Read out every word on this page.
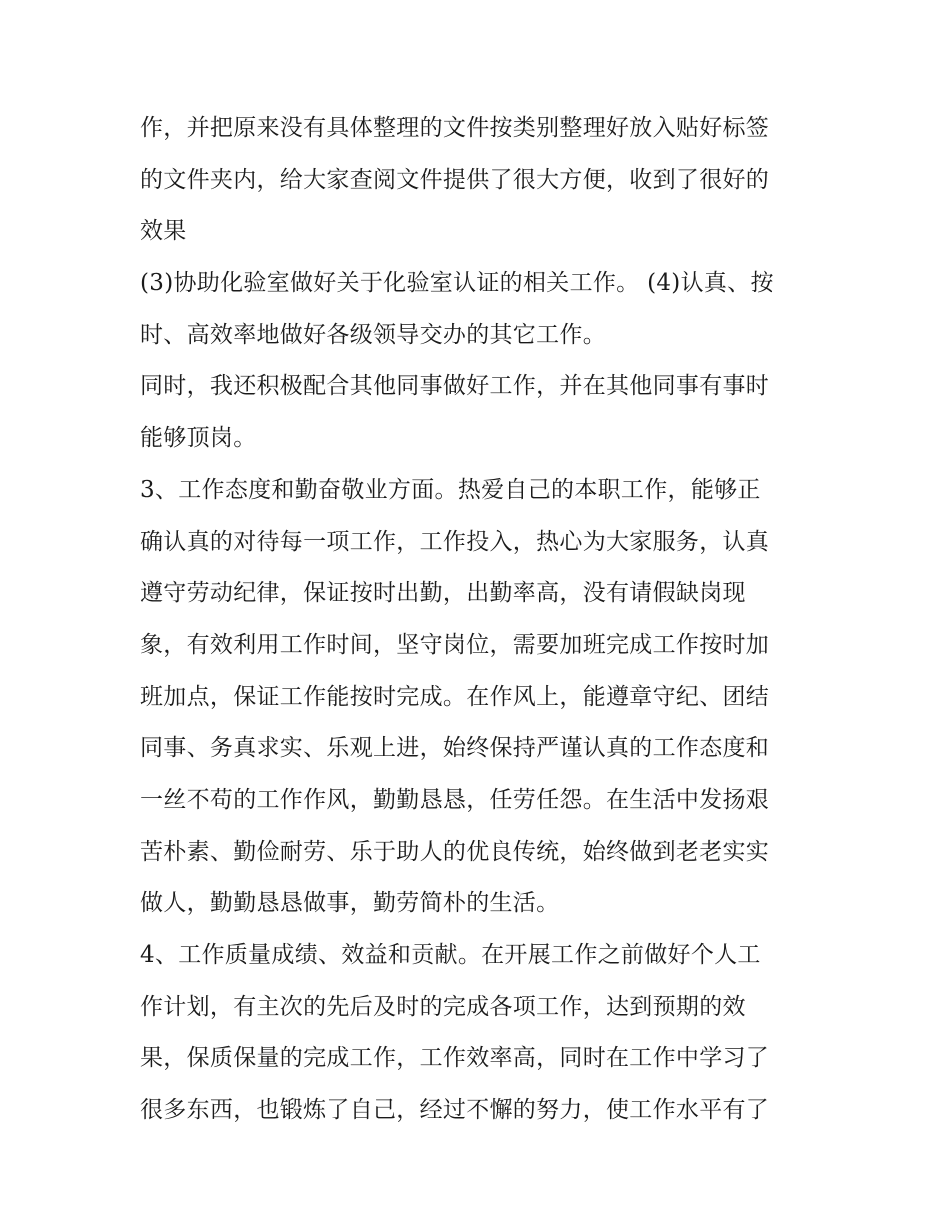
作，并把原来没有具体整理的文件按类别整理好放入贴好标签
的文件夹内，给大家查阅文件提供了很大方便，收到了很好的
效果
(3)协助化验室做好关于化验室认证的相关工作。 (4)认真、按
时、高效率地做好各级领导交办的其它工作。
同时，我还积极配合其他同事做好工作，并在其他同事有事时
能够顶岗。
3、工作态度和勤奋敬业方面。热爱自己的本职工作，能够正
确认真的对待每一项工作，工作投入，热心为大家服务，认真
遵守劳动纪律，保证按时出勤，出勤率高，没有请假缺岗现
象，有效利用工作时间，坚守岗位，需要加班完成工作按时加
班加点，保证工作能按时完成。在作风上，能遵章守纪、团结
同事、务真求实、乐观上进，始终保持严谨认真的工作态度和
一丝不苟的工作作风，勤勤恳恳，任劳任怨。在生活中发扬艰
苦朴素、勤俭耐劳、乐于助人的优良传统，始终做到老老实实
做人，勤勤恳恳做事，勤劳简朴的生活。
4、工作质量成绩、效益和贡献。在开展工作之前做好个人工
作计划，有主次的先后及时的完成各项工作，达到预期的效
果，保质保量的完成工作，工作效率高，同时在工作中学习了
很多东西，也锻炼了自己，经过不懈的努力，使工作水平有了
